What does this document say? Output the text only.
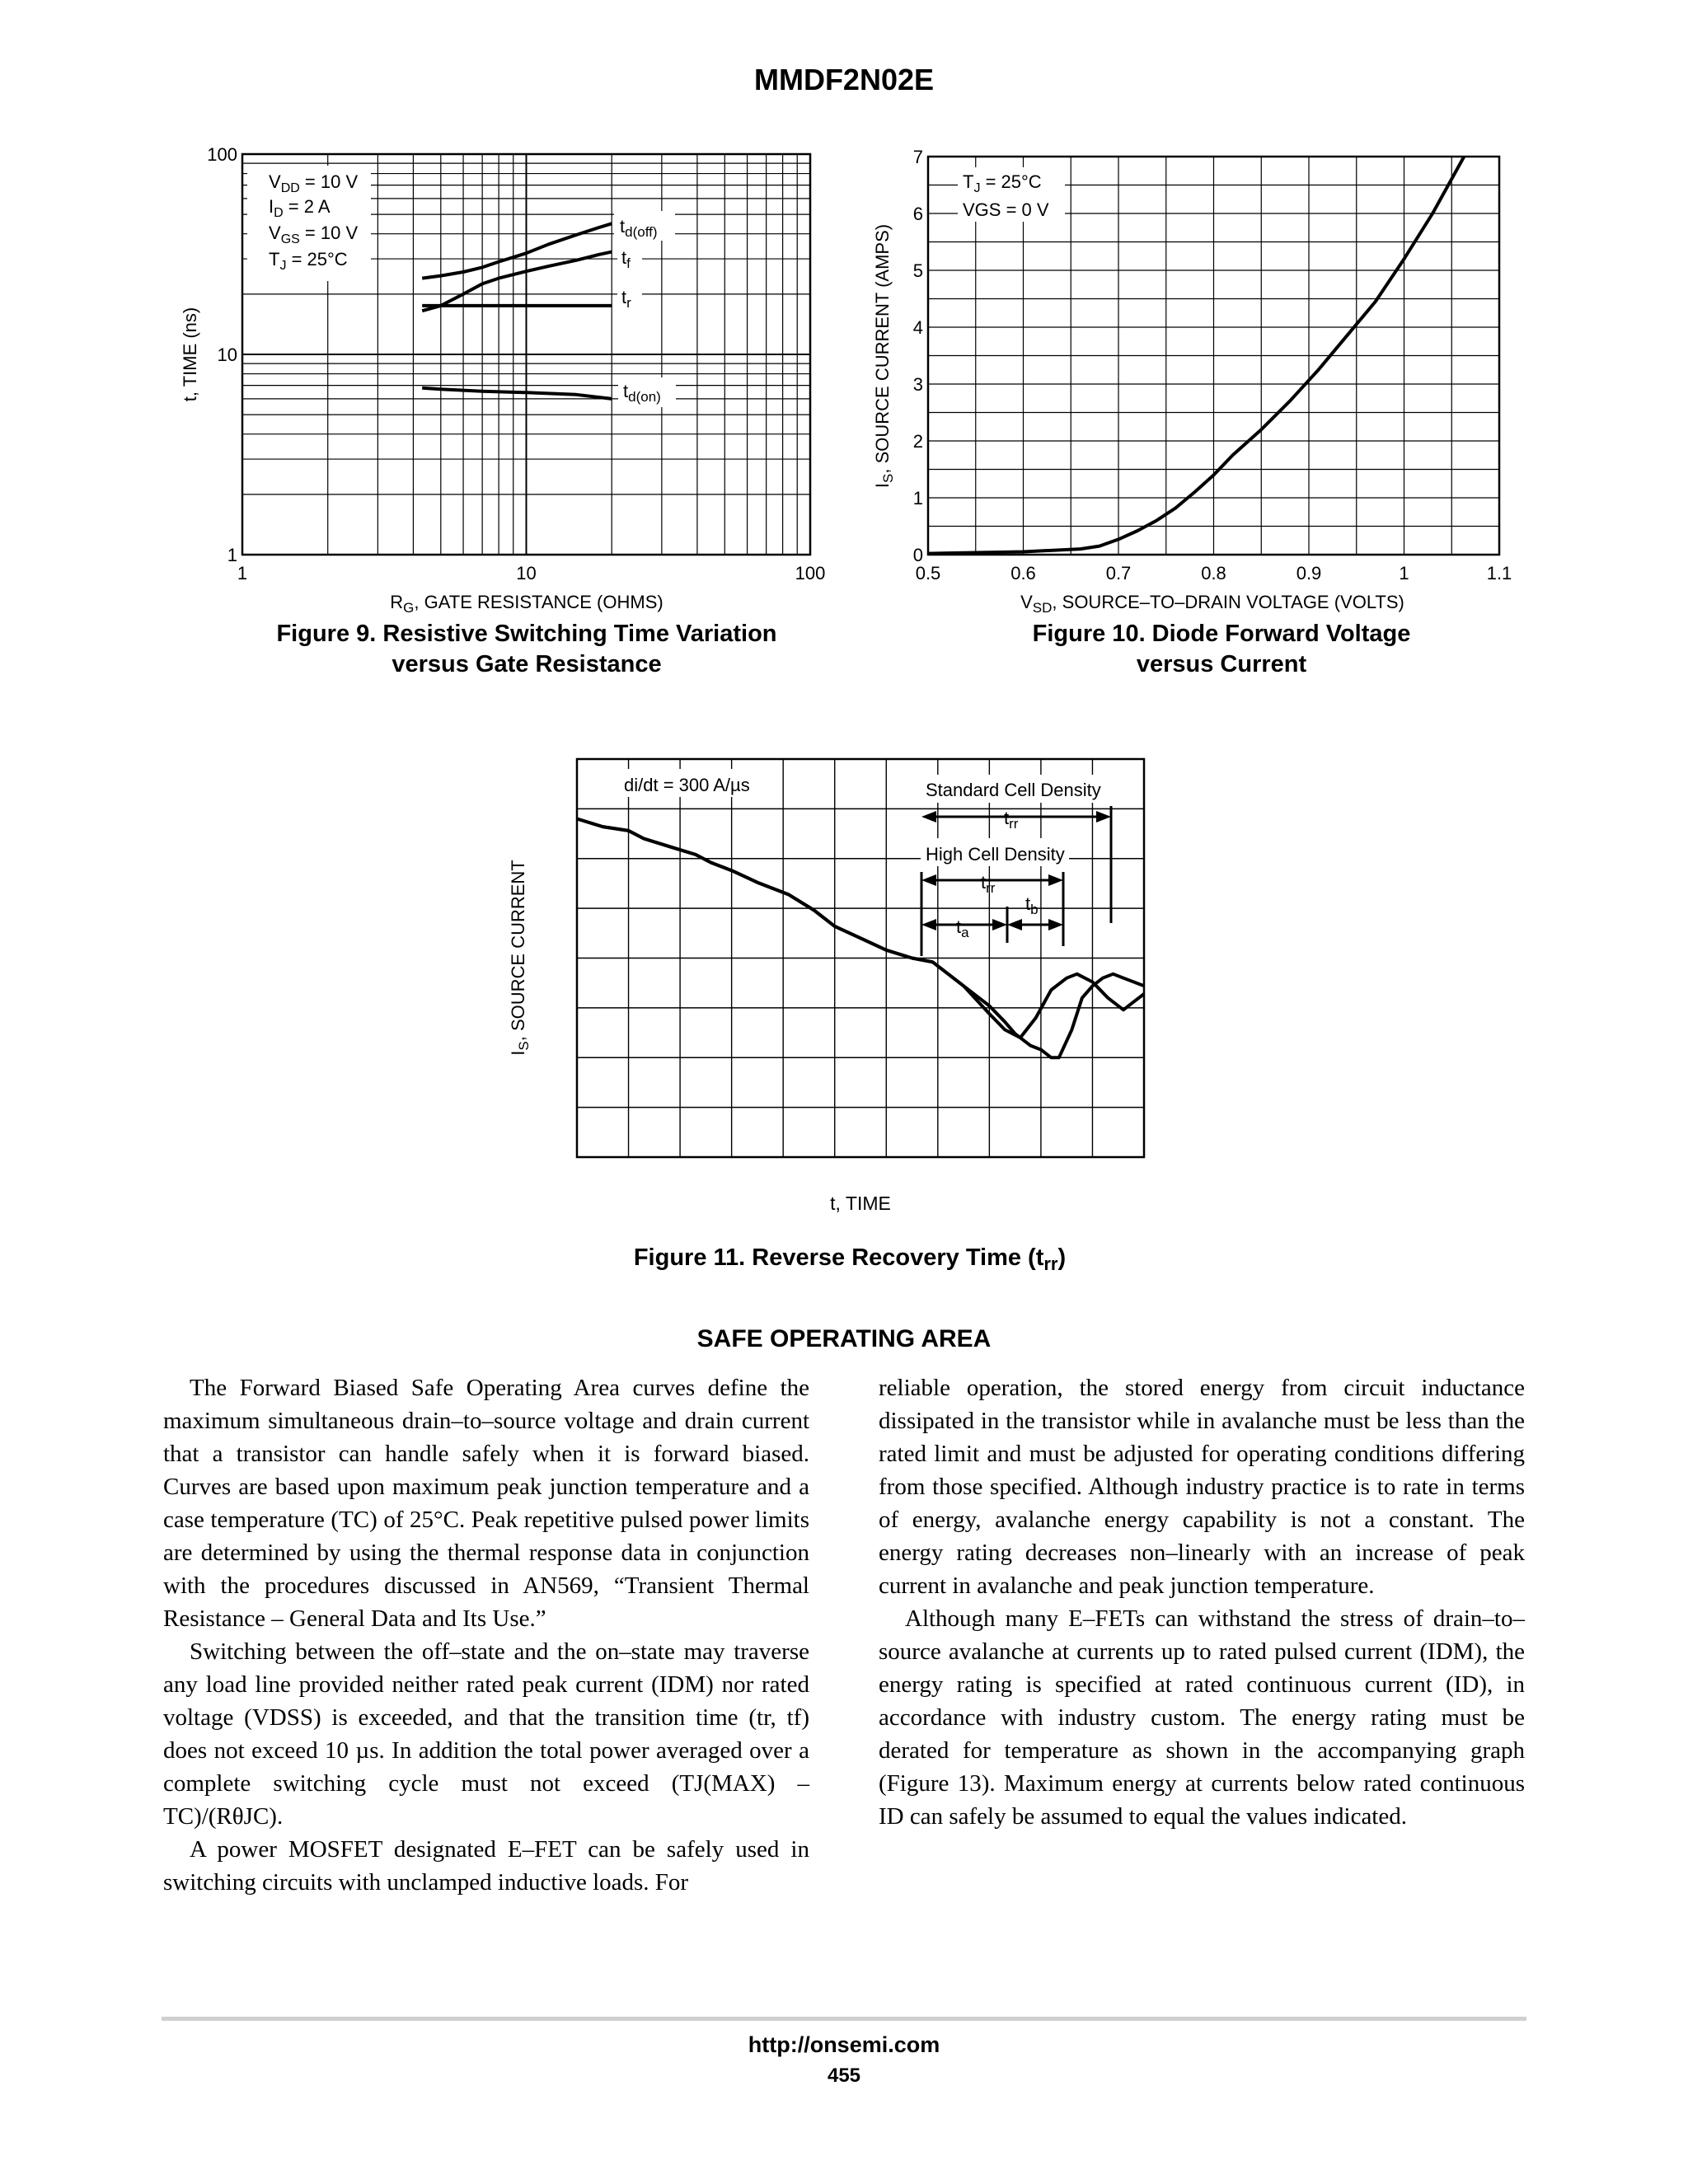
MMDF2N02E
1	10	100
1
10
100
$V_{DD} = 10$ V
$I_D = 2$ A
$V_{GS} = 10$ V
$T_J = 25^\circ C$
$t_{d(off)}$
$t_f$
$t_r$
$t_{d(on)}$
$R_G$, GATE RESISTANCE (OHMS)
t, TIME (ns)
Figure 9. Resistive Switching Time Variation
versus Gate Resistance
0.5	0.6	0.7	0.8	0.9	1	1.1
0
1
2
3
4
5
6
7
$T_J = 25^\circ C$
VGS = 0 V
$V_{SD}$, SOURCE–TO–DRAIN VOLTAGE (VOLTS)
$I_S$, SOURCE CURRENT (AMPS)
Figure 10. Diode Forward Voltage
versus Current
di/dt = 300 A/µs	Standard Cell Density
High Cell Density
$t_{rr}$
$t_{rr}$
$t_a$
$t_b$
t, TIME
$I_S$, SOURCE CURRENT
Figure 11. Reverse Recovery Time $(t_{rr})$
SAFE OPERATING AREA

The Forward Biased Safe Operating Area curves define the maximum simultaneous drain–to–source voltage and drain current that a transistor can handle safely when it is forward biased. Curves are based upon maximum peak junction temperature and a case temperature (TC) of 25°C. Peak repetitive pulsed power limits are determined by using the thermal response data in conjunction with the procedures discussed in AN569, “Transient Thermal Resistance – General Data and Its Use.”

Switching between the off–state and the on–state may traverse any load line provided neither rated peak current (IDM) nor rated voltage (VDSS) is exceeded, and that the transition time (tr, tf) does not exceed 10 µs. In addition the total power averaged over a complete switching cycle must not exceed (TJ(MAX) – TC)/(RθJC).

A power MOSFET designated E–FET can be safely used in switching circuits with unclamped inductive loads. For

reliable operation, the stored energy from circuit inductance dissipated in the transistor while in avalanche must be less than the rated limit and must be adjusted for operating conditions differing from those specified. Although industry practice is to rate in terms of energy, avalanche energy capability is not a constant. The energy rating decreases non–linearly with an increase of peak current in avalanche and peak junction temperature.

Although many E–FETs can withstand the stress of drain–to–source avalanche at currents up to rated pulsed current (IDM), the energy rating is specified at rated continuous current (ID), in accordance with industry custom. The energy rating must be derated for temperature as shown in the accompanying graph (Figure 13). Maximum energy at currents below rated continuous ID can safely be assumed to equal the values indicated.

http://onsemi.com
455
